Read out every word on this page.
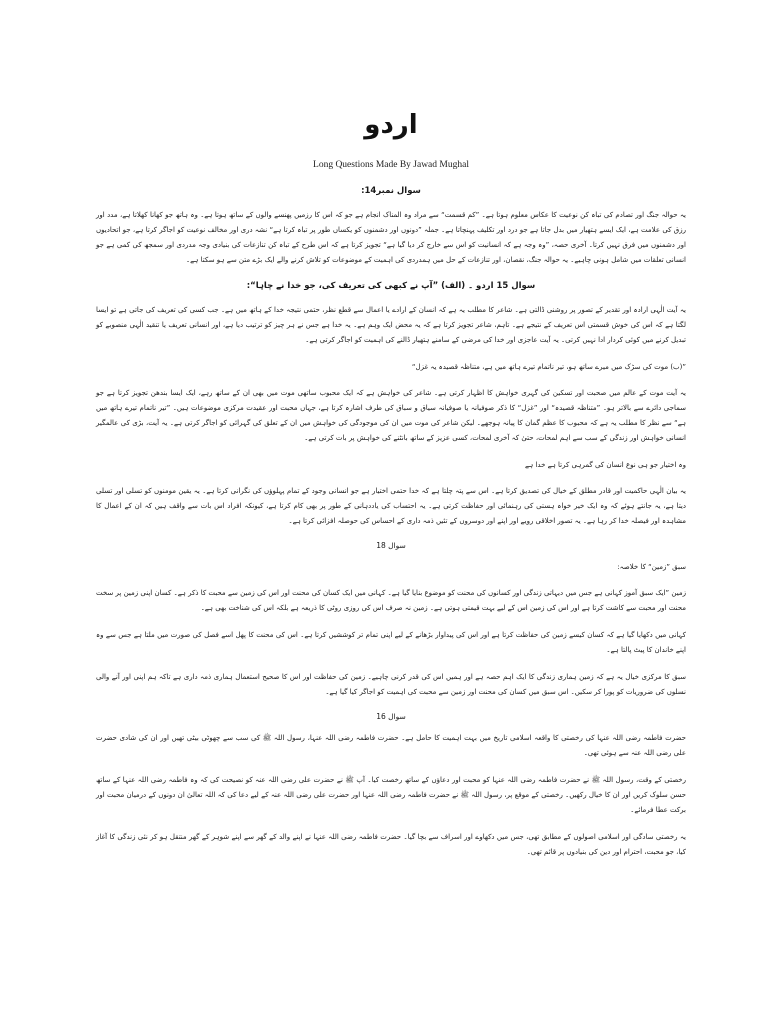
اردو
Long Questions Made By Jawad Mughal
سوال نمبر14:

یہ حوالہ جنگ اور تصادم کی تباہ کن نوعیت کا عکاس معلوم ہوتا ہے۔ ”کم قسمت“ سے مراد وہ المناک انجام ہے جو کہ اس کا رزمیں پھنسے والوں کے ساتھ ہوتا ہے۔ وہ ہاتھ جو کھانا کھلاتا ہے، مدد اور رزق کی علامت ہے، ایک ایسے ہتھیار میں بدل جاتا ہے جو درد اور تکلیف پہنچاتا ہے۔ جملہ ”دونوں اور دشمنوں کو یکساں طور پر تباہ کرتا ہے“ نشہ دری اور مخالف نوعیت کو اجاگر کرتا ہے، جو اتحادیوں اور دشمنوں میں فرق نہیں کرتا۔ آخری حصہ، ”وہ وجہ ہے کہ انسانیت کو اس سے خارج کر دیا گیا ہے“ تجویز کرتا ہے کہ اس طرح کے تباہ کن تنازعات کی بنیادی وجہ مدردی اور سمجھ کی کمی ہے جو انسانی تعلقات میں شامل ہونی چاہیے۔ یہ حوالہ جنگ، نقصان، اور تنازعات کے حل میں ہمدردی کی اہمیت کے موضوعات کو تلاش کرنے والے ایک بڑے متن سے ہو سکتا ہے۔

سوال 15 اردو ۔ (الف) ”آپ نے کبھی کی تعریف کی، جو خدا نے چاہا“:

یہ آیت الٰہی ارادہ اور تقدیر کے تصور پر روشنی ڈالتی ہے۔ شاعر کا مطلب یہ ہے کہ انسان کے ارادے یا اعمال سے قطع نظر، حتمی نتیجہ خدا کے ہاتھ میں ہے۔ جب کسی کی تعریف کی جاتی ہے تو ایسا لگتا ہے کہ اس کی خوش قسمتی اس تعریف کے نتیجے ہے۔ تاہم، شاعر تجویز کرتا ہے کہ یہ محض ایک وہم ہے۔ یہ خدا ہے جس نے ہر چیز کو ترتیب دیا ہے، اور انسانی تعریف یا تنقید الٰہی منصوبے کو تبدیل کرنے میں کوئی کردار ادا نہیں کرتی۔ یہ آیت عاجزی اور خدا کی مرضی کے سامنے ہتھیار ڈالنے کی اہمیت کو اجاگر کرتی ہے۔

”(ب) موت کی سڑک میں میرے ساتھ ہو، تیر ناتمام تیرے ہاتھ میں ہے، متناظہ قصیدہ یہ غزل“

یہ آیت موت کے عالم میں صحبت اور تسکین کی گہری خواہش کا اظہار کرتی ہے۔ شاعر کی خواہش ہے کہ ایک محبوب ساتھی موت میں بھی ان کے ساتھ رہے، ایک ایسا بندھن تجویز کرتا ہے جو سماجی دائرے سے بالاتر ہو۔ ”متناظہ قصیدہ“ اور ”غزل“ کا ذکر صوفیانہ یا صوفیانہ سیاق و سباق کی طرف اشارہ کرتا ہے، جہاں محبت اور عقیدت مرکزی موضوعات ہیں۔ ”تیر ناتمام تیرے ہاتھ میں ہے“ سے نظر کا مطلب یہ ہے کہ محبوب کا عظم گمان کا پیانہ ہوجھے۔ لیکن شاعر کی موت میں ان کی موجودگی کی خواہش میں ان کے تعلق کی گہرائی کو اجاگر کرتی ہے۔ یہ آیت، بڑی کی عالمگیر انسانی خواہش اور زندگی کے سب سے اہم لمحات، حتیٰ کہ آخری لمحات، کسی عزیز کے ساتھ بانٹنے کی خواہش پر بات کرتی ہے۔

وہ اختیار جو ہی نوع انسان کی گمرہی کرتا ہے خدا ہے

یہ بیان الٰہی حاکمیت اور قادر مطلق کے خیال کی تصدیق کرتا ہے۔ اس سے پتہ چلتا ہے کہ خدا حتمی اختیار ہے جو انسانی وجود کے تمام پہلوؤں کی نگرانی کرتا ہے۔ یہ یقین مومنوں کو تسلی اور تسلی دیتا ہے، یہ جانتے ہوئے کہ وہ ایک خیر خواہ ہستی کی رہنمائی اور حفاظت کرتی ہے۔ یہ احتساب کی یاددہانی کے طور پر بھی کام کرتا ہے، کیونکہ افراد اس بات سے واقف ہیں کہ ان کے اعمال کا مشاہدہ اور فیصلہ خدا کر رہا ہے۔ یہ تصور اخلاقی رویے اور اپنے اور دوسروں کے تئیں ذمہ داری کے احساس کی حوصلہ افزائی کرتا ہے۔

سوال 18

سبق ”زمین“ کا خلاصہ:

زمین ”ایک سبق آموز کہانی ہے جس میں دیہاتی زندگی اور کسانوں کی محنت کو موضوع بنایا گیا ہے۔ کہانی میں ایک کسان کی محنت اور اس کی زمین سے محبت کا ذکر ہے۔ کسان اپنی زمین پر سخت محنت اور محبت سے کاشت کرتا ہے اور اس کی زمین اس کے لیے بہت قیمتی ہوتی ہے۔ زمین نہ صرف اس کی روزی روٹی کا ذریعہ ہے بلکہ اس کی شناخت بھی ہے۔

کہانی میں دکھایا گیا ہے کہ کسان کیسے زمین کی حفاظت کرتا ہے اور اس کی پیداوار بڑھانے کے لیے اپنی تمام تر کوششیں کرتا ہے۔ اس کی محنت کا پھل اسے فصل کی صورت میں ملتا ہے جس سے وہ اپنے خاندان کا پیٹ پالتا ہے۔

سبق کا مرکزی خیال یہ ہے کہ زمین ہماری زندگی کا ایک اہم حصہ ہے اور ہمیں اس کی قدر کرنی چاہیے۔ زمین کی حفاظت اور اس کا صحیح استعمال ہماری ذمہ داری ہے تاکہ ہم اپنی اور آنے والی نسلوں کی ضروریات کو پورا کر سکیں۔ اس سبق میں کسان کی محنت اور زمین سے محبت کی اہمیت کو اجاگر کیا گیا ہے۔

سوال 16

حضرت فاطمہ رضی اللہ عنہا کی رخصتی کا واقعہ اسلامی تاریخ میں بہت اہمیت کا حامل ہے۔ حضرت فاطمہ رضی اللہ عنہا، رسول اللہ ﷺ کی سب سے چھوٹی بیٹی تھیں اور ان کی شادی حضرت علی رضی اللہ عنہ سے ہوئی تھی۔

رخصتی کے وقت، رسول اللہ ﷺ نے حضرت فاطمہ رضی اللہ عنہا کو محبت اور دعاؤں کے ساتھ رخصت کیا۔ آپ ﷺ نے حضرت علی رضی اللہ عنہ کو نصیحت کی کہ وہ فاطمہ رضی اللہ عنہا کے ساتھ حسن سلوک کریں اور ان کا خیال رکھیں۔ رخصتی کے موقع پر، رسول اللہ ﷺ نے حضرت فاطمہ رضی اللہ عنہا اور حضرت علی رضی اللہ عنہ کے لیے دعا کی کہ اللہ تعالیٰ ان دونوں کے درمیان محبت اور برکت عطا فرمائے۔

یہ رخصتی سادگی اور اسلامی اصولوں کے مطابق تھی، جس میں دکھاوے اور اسراف سے بچا گیا۔ حضرت فاطمہ رضی اللہ عنہا نے اپنے والد کے گھر سے اپنے شوہر کے گھر منتقل ہو کر نئی زندگی کا آغاز کیا، جو محبت، احترام اور دین کی بنیادوں پر قائم تھی۔
